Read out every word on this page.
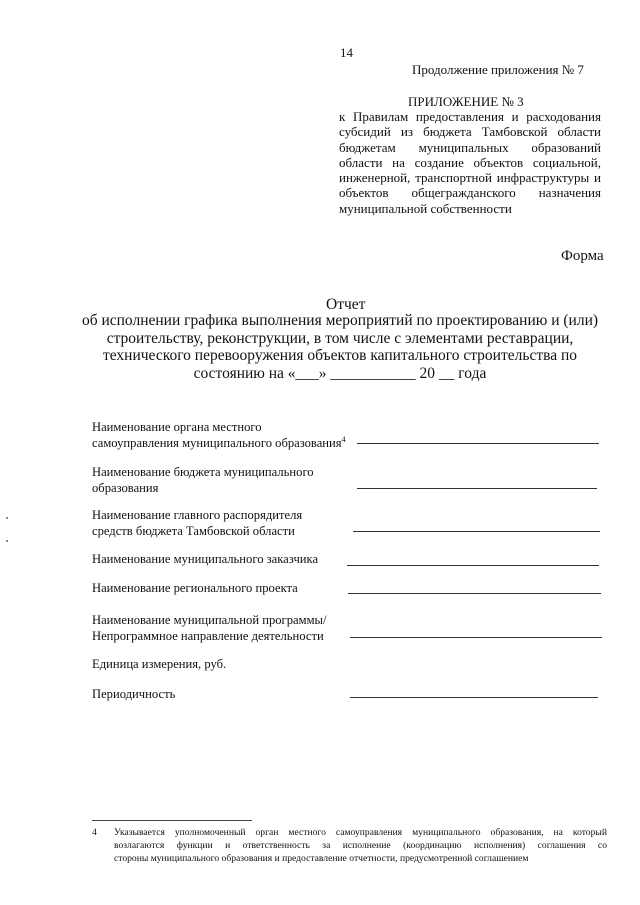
14
Продолжение приложения № 7
ПРИЛОЖЕНИЕ № 3
к Правилам предоставления и расходования
субсидий из бюджета Тамбовской области
бюджетам муниципальных образований
области на создание объектов социальной,
инженерной, транспортной инфраструктуры и
объектов общегражданского назначения
муниципальной собственности
Форма
Отчет
об исполнении графика выполнения мероприятий по проектированию и (или)
строительству, реконструкции, в том числе с элементами реставрации,
технического перевооружения объектов капитального строительства по
состоянию на «___» ___________ 20 __ года
Наименование органа местного
самоуправления муниципального образования$^4$
Наименование бюджета муниципального
образования
Наименование главного распорядителя
средств бюджета Тамбовской области
Наименование муниципального заказчика
Наименование регионального проекта
Наименование муниципальной программы/
Непрограммное направление деятельности
Единица измерения, руб.
Периодичность
4 Указывается уполномоченный орган местного самоуправления муниципального образования, на который
возлагаются функции и ответственность за исполнение (координацию исполнения) соглашения со
стороны муниципального образования и предоставление отчетности, предусмотренной соглашением
